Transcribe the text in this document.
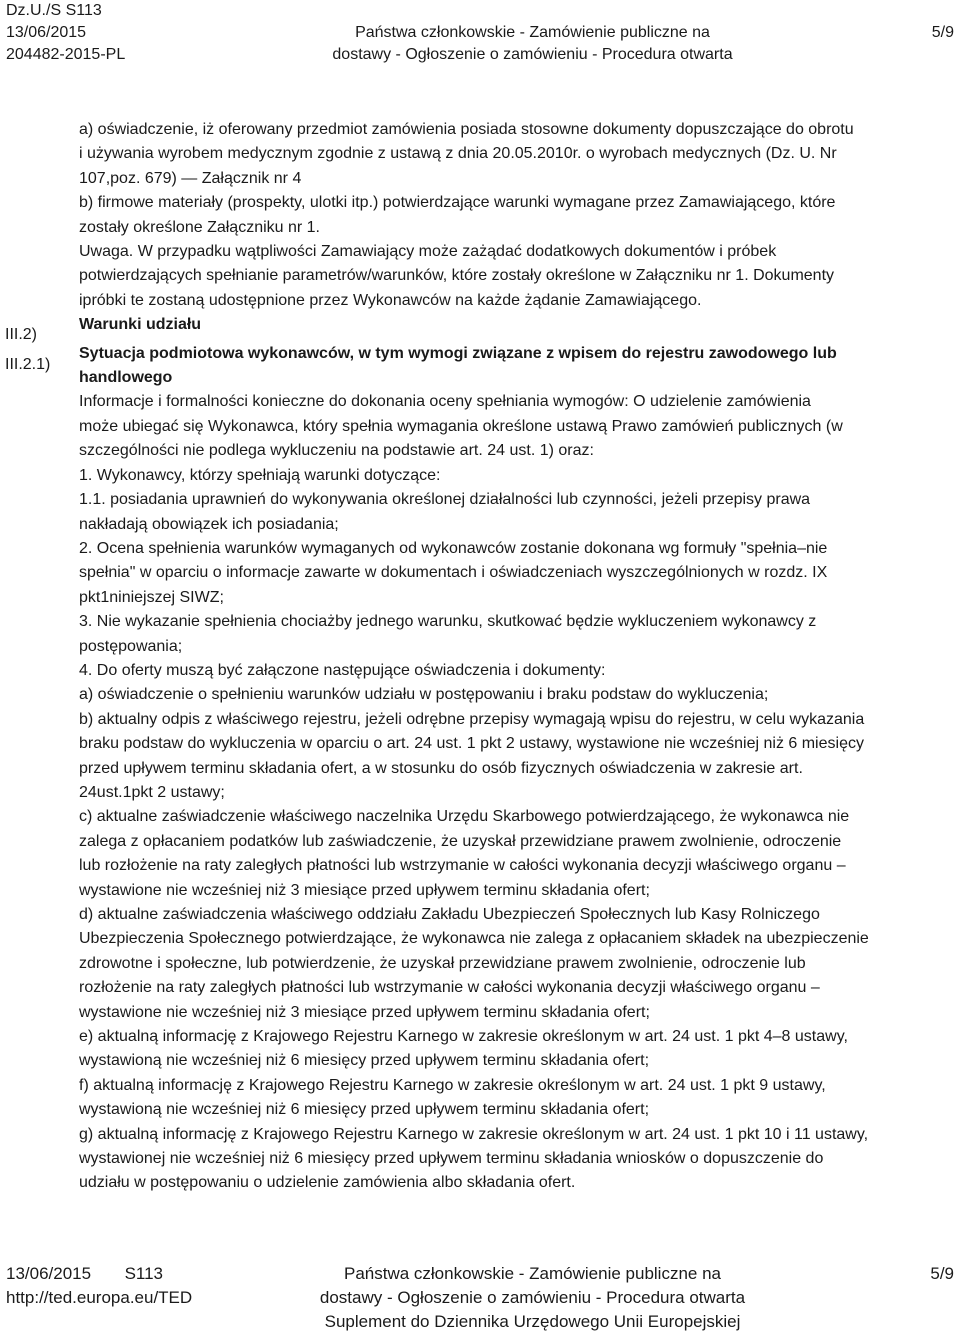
Dz.U./S S113
13/06/2015
204482-2015-PL
Państwa członkowskie - Zamówienie publiczne na
dostawy - Ogłoszenie o zamówieniu - Procedura otwarta
5/9
III.2)
III.2.1)
a) oświadczenie, iż oferowany przedmiot zamówienia posiada stosowne dokumenty dopuszczające do obrotu
i używania wyrobem medycznym zgodnie z ustawą z dnia 20.05.2010r. o wyrobach medycznych (Dz. U. Nr
107,poz. 679) — Załącznik nr 4
b) firmowe materiały (prospekty, ulotki itp.) potwierdzające warunki wymagane przez Zamawiającego, które
zostały określone Załączniku nr 1.
Uwaga. W przypadku wątpliwości Zamawiający może zażądać dodatkowych dokumentów i próbek
potwierdzających spełnianie parametrów/warunków, które zostały określone w Załączniku nr 1. Dokumenty
ipróbki te zostaną udostępnione przez Wykonawców na każde żądanie Zamawiającego.
Warunki udziału
Sytuacja podmiotowa wykonawców, w tym wymogi związane z wpisem do rejestru zawodowego lub
handlowego
Informacje i formalności konieczne do dokonania oceny spełniania wymogów: O udzielenie zamówienia
może ubiegać się Wykonawca, który spełnia wymagania określone ustawą Prawo zamówień publicznych (w
szczególności nie podlega wykluczeniu na podstawie art. 24 ust. 1) oraz:
1. Wykonawcy, którzy spełniają warunki dotyczące:
1.1. posiadania uprawnień do wykonywania określonej działalności lub czynności, jeżeli przepisy prawa
nakładają obowiązek ich posiadania;
2. Ocena spełnienia warunków wymaganych od wykonawców zostanie dokonana wg formuły "spełnia–nie
spełnia" w oparciu o informacje zawarte w dokumentach i oświadczeniach wyszczególnionych w rozdz. IX
pkt1niniejszej SIWZ;
3. Nie wykazanie spełnienia chociażby jednego warunku, skutkować będzie wykluczeniem wykonawcy z
postępowania;
4. Do oferty muszą być załączone następujące oświadczenia i dokumenty:
a) oświadczenie o spełnieniu warunków udziału w postępowaniu i braku podstaw do wykluczenia;
b) aktualny odpis z właściwego rejestru, jeżeli odrębne przepisy wymagają wpisu do rejestru, w celu wykazania
braku podstaw do wykluczenia w oparciu o art. 24 ust. 1 pkt 2 ustawy, wystawione nie wcześniej niż 6 miesięcy
przed upływem terminu składania ofert, a w stosunku do osób fizycznych oświadczenia w zakresie art.
24ust.1pkt 2 ustawy;
c) aktualne zaświadczenie właściwego naczelnika Urzędu Skarbowego potwierdzającego, że wykonawca nie
zalega z opłacaniem podatków lub zaświadczenie, że uzyskał przewidziane prawem zwolnienie, odroczenie
lub rozłożenie na raty zaległych płatności lub wstrzymanie w całości wykonania decyzji właściwego organu –
wystawione nie wcześniej niż 3 miesiące przed upływem terminu składania ofert;
d) aktualne zaświadczenia właściwego oddziału Zakładu Ubezpieczeń Społecznych lub Kasy Rolniczego
Ubezpieczenia Społecznego potwierdzające, że wykonawca nie zalega z opłacaniem składek na ubezpieczenie
zdrowotne i społeczne, lub potwierdzenie, że uzyskał przewidziane prawem zwolnienie, odroczenie lub
rozłożenie na raty zaległych płatności lub wstrzymanie w całości wykonania decyzji właściwego organu –
wystawione nie wcześniej niż 3 miesiące przed upływem terminu składania ofert;
e) aktualną informację z Krajowego Rejestru Karnego w zakresie określonym w art. 24 ust. 1 pkt 4–8 ustawy,
wystawioną nie wcześniej niż 6 miesięcy przed upływem terminu składania ofert;
f) aktualną informację z Krajowego Rejestru Karnego w zakresie określonym w art. 24 ust. 1 pkt 9 ustawy,
wystawioną nie wcześniej niż 6 miesięcy przed upływem terminu składania ofert;
g) aktualną informację z Krajowego Rejestru Karnego w zakresie określonym w art. 24 ust. 1 pkt 10 i 11 ustawy,
wystawionej nie wcześniej niż 6 miesięcy przed upływem terminu składania wniosków o dopuszczenie do
udziału w postępowaniu o udzielenie zamówienia albo składania ofert.
13/06/2015 S113
http://ted.europa.eu/TED
Państwa członkowskie - Zamówienie publiczne na
dostawy - Ogłoszenie o zamówieniu - Procedura otwarta
Suplement do Dziennika Urzędowego Unii Europejskiej
5/9
